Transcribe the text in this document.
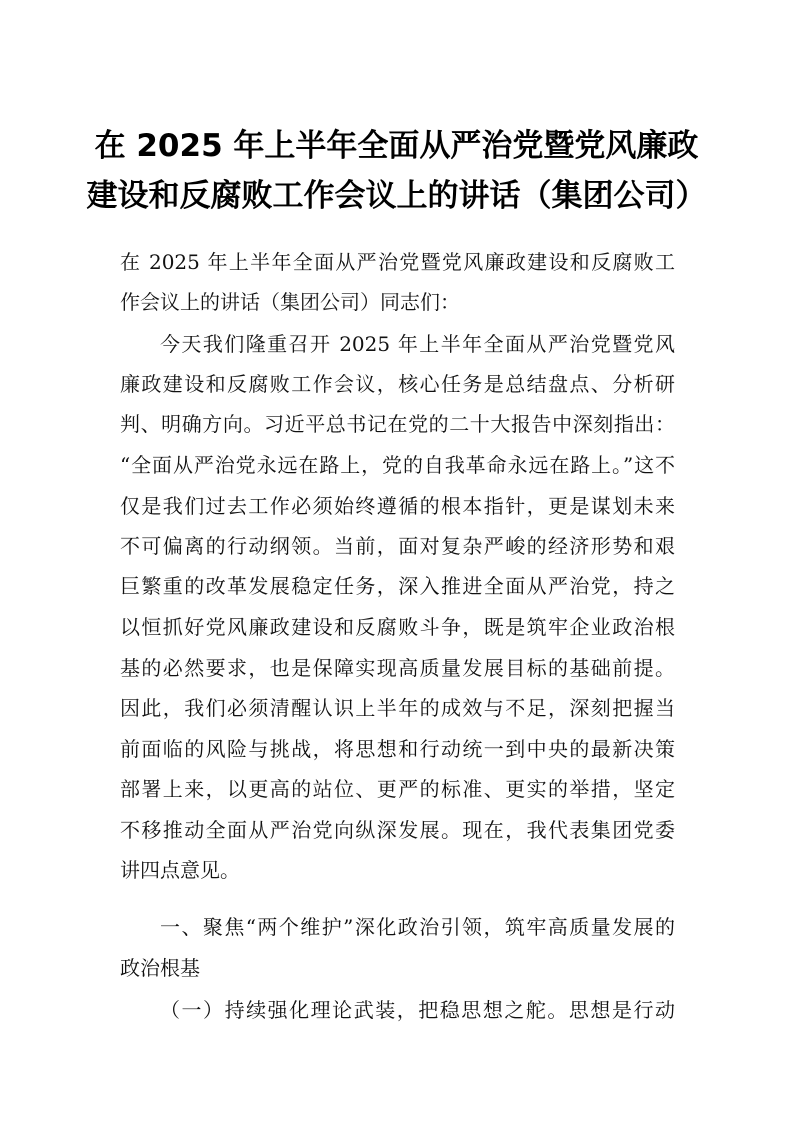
在 2025 年上半年全面从严治党暨党风廉政
建设和反腐败工作会议上的讲话（集团公司）
在 2025 年上半年全面从严治党暨党风廉政建设和反腐败工
作会议上的讲话（集团公司）同志们：
今天我们隆重召开 2025 年上半年全面从严治党暨党风
廉政建设和反腐败工作会议，核心任务是总结盘点、分析研
判、明确方向。习近平总书记在党的二十大报告中深刻指出：
“全面从严治党永远在路上，党的自我革命永远在路上。”这不
仅是我们过去工作必须始终遵循的根本指针，更是谋划未来
不可偏离的行动纲领。当前，面对复杂严峻的经济形势和艰
巨繁重的改革发展稳定任务，深入推进全面从严治党，持之
以恒抓好党风廉政建设和反腐败斗争，既是筑牢企业政治根
基的必然要求，也是保障实现高质量发展目标的基础前提。
因此，我们必须清醒认识上半年的成效与不足，深刻把握当
前面临的风险与挑战，将思想和行动统一到中央的最新决策
部署上来，以更高的站位、更严的标准、更实的举措，坚定
不移推动全面从严治党向纵深发展。现在，我代表集团党委
讲四点意见。
一、聚焦“两个维护”深化政治引领，筑牢高质量发展的
政治根基
（一）持续强化理论武装，把稳思想之舵。思想是行动
